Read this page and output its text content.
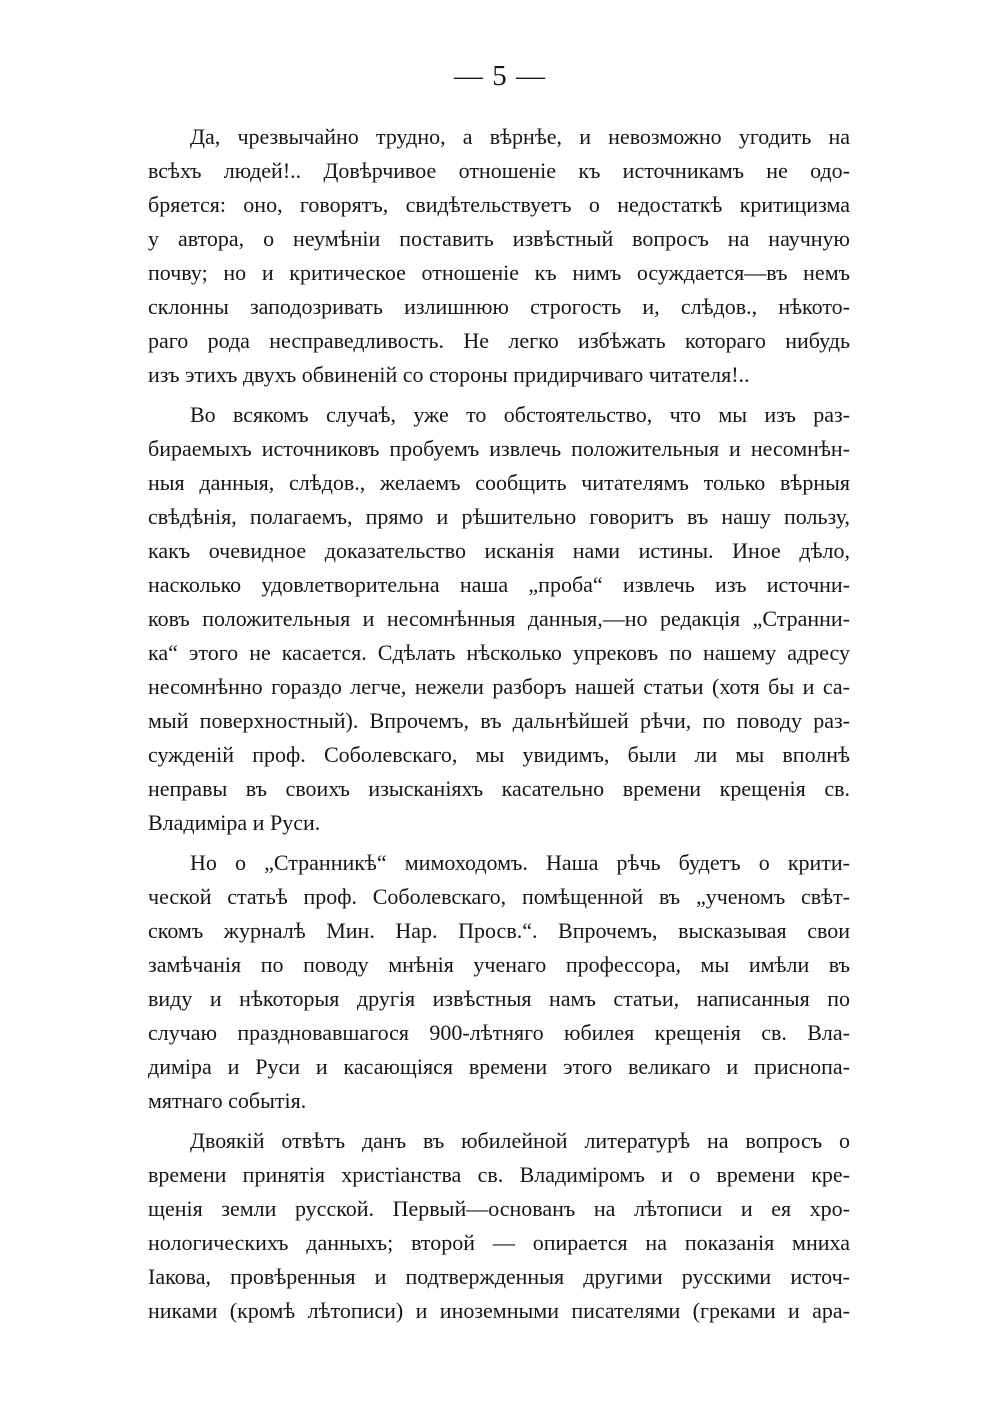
— 5 —
Да, чрезвычайно трудно, а вѣрнѣе, и невозможно угодить на
всѣхъ людей!.. Довѣрчивое отношеніе къ источникамъ не одо-
бряется: оно, говорятъ, свидѣтельствуетъ о недостаткѣ критицизма
у автора, о неумѣніи поставить извѣстный вопросъ на научную
почву; но и критическое отношеніе къ нимъ осуждается—въ немъ
склонны заподозривать излишнюю строгость и, слѣдов., нѣкото-
раго рода несправедливость. Не легко избѣжать котораго нибудь
изъ этихъ двухъ обвиненій со стороны придирчиваго читателя!..
Во всякомъ случаѣ, уже то обстоятельство, что мы изъ раз-
бираемыхъ источниковъ пробуемъ извлечь положительныя и несомнѣн-
ныя данныя, слѣдов., желаемъ сообщить читателямъ только вѣрныя
свѣдѣнія, полагаемъ, прямо и рѣшительно говоритъ въ нашу пользу,
какъ очевидное доказательство исканія нами истины. Иное дѣло,
насколько удовлетворительна наша „проба“ извлечь изъ источни-
ковъ положительныя и несомнѣнныя данныя,—но редакція „Странни-
ка“ этого не касается. Сдѣлать нѣсколько упрековъ по нашему адресу
несомнѣнно гораздо легче, нежели разборъ нашей статьи (хотя бы и са-
мый поверхностный). Впрочемъ, въ дальнѣйшей рѣчи, по поводу раз-
сужденій проф. Соболевскаго, мы увидимъ, были ли мы вполнѣ
неправы въ своихъ изысканіяхъ касательно времени крещенія св.
Владиміра и Руси.
Но о „Странникѣ“ мимоходомъ. Наша рѣчь будетъ о крити-
ческой статьѣ проф. Соболевскаго, помѣщенной въ „ученомъ свѣт-
скомъ журналѣ Мин. Нар. Просв.“. Впрочемъ, высказывая свои
замѣчанія по поводу мнѣнія ученаго профессора, мы имѣли въ
виду и нѣкоторыя другія извѣстныя намъ статьи, написанныя по
случаю праздновавшагося 900-лѣтняго юбилея крещенія св. Вла-
диміра и Руси и касающіяся времени этого великаго и приснопа-
мятнаго событія.
Двоякій отвѣтъ данъ въ юбилейной литературѣ на вопросъ о
времени принятія христіанства св. Владиміромъ и о времени кре-
щенія земли русской. Первый—основанъ на лѣтописи и ея хро-
нологическихъ данныхъ; второй — опирается на показанія мниха
Іакова, провѣренныя и подтвержденныя другими русскими источ-
никами (кромѣ лѣтописи) и иноземными писателями (греками и ара-
